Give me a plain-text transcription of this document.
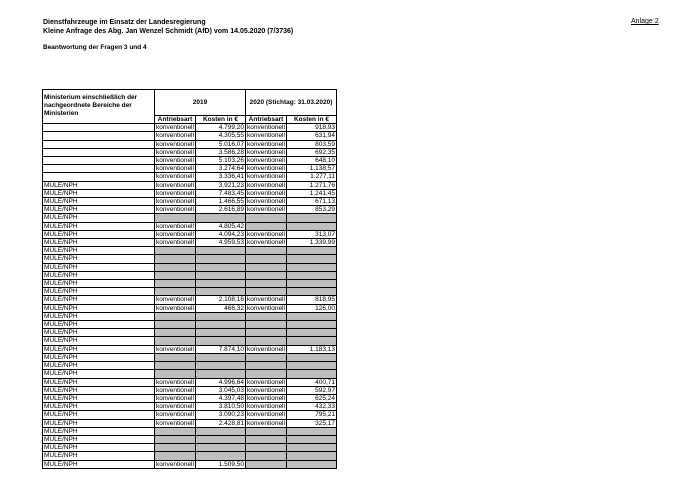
Dienstfahrzeuge im Einsatz der Landesregierung
Kleine Anfrage des Abg. Jan Wenzel Schmidt (AfD) vom 14.05.2020 (7/3736)
Anlage 2
Beantwortung der Fragen 3 und 4
Ministerium einschließlich der nachgeordnete Bereiche der Ministerien	2019		2020 (Stichtag: 31.03.2020)	
	Antriebsart	Kosten in €	Antriebsart	Kosten in €
	konventionell	4.799,20	konventionell	918,93
	konventionell	4.305,55	konventionell	631,94
	konventionell	5.016,07	konventionell	803,59
	konventionell	3.586,28	konventionell	692,35
	konventionell	5.103,26	konventionell	648,10
	konventionell	3.274,64	konventionell	1.138,57
	konventionell	3.336,41	konventionell	1.277,11
MULE/NPH	konventionell	3.921,23	konventionell	1.271,76
MULE/NPH	konventionell	7.483,45	konventionell	1.241,45
MULE/NPH	konventionell	1.466,55	konventionell	671,13
MULE/NPH	konventionell	2.616,89	konventionell	853,29
MULE/NPH				
MULE/NPH	konventionell	4.805,42		
MULE/NPH	konventionell	4.094,23	konventionell	313,07
MULE/NPH	konventionell	4.959,53	konventionell	1.339,99
MULE/NPH				
MULE/NPH				
MULE/NPH				
MULE/NPH				
MULE/NPH				
MULE/NPH				
MULE/NPH	konventionell	2.108,16	konventionell	818,95
MULE/NPH	konventionell	466,32	konventionell	126,00
MULE/NPH				
MULE/NPH				
MULE/NPH				
MULE/NPH				
MULE/NPH	konventionell	7.874,10	konventionell	1.183,13
MULE/NPH				
MULE/NPH				
MULE/NPH				
MULE/NPH	konventionell	4.996,64	konventionell	400,71
MULE/NPH	konventionell	3.045,03	konventionell	592,97
MULE/NPH	konventionell	4.397,48	konventionell	625,24
MULE/NPH	konventionell	3.810,50	konventionell	432,33
MULE/NPH	konventionell	3.090,23	konventionell	795,21
MULE/NPH	konventionell	2.428,81	konventionell	325,17
MULE/NPH				
MULE/NPH				
MULE/NPH				
MULE/NPH				
MULE/NPH	konventionell	1.509,50		
